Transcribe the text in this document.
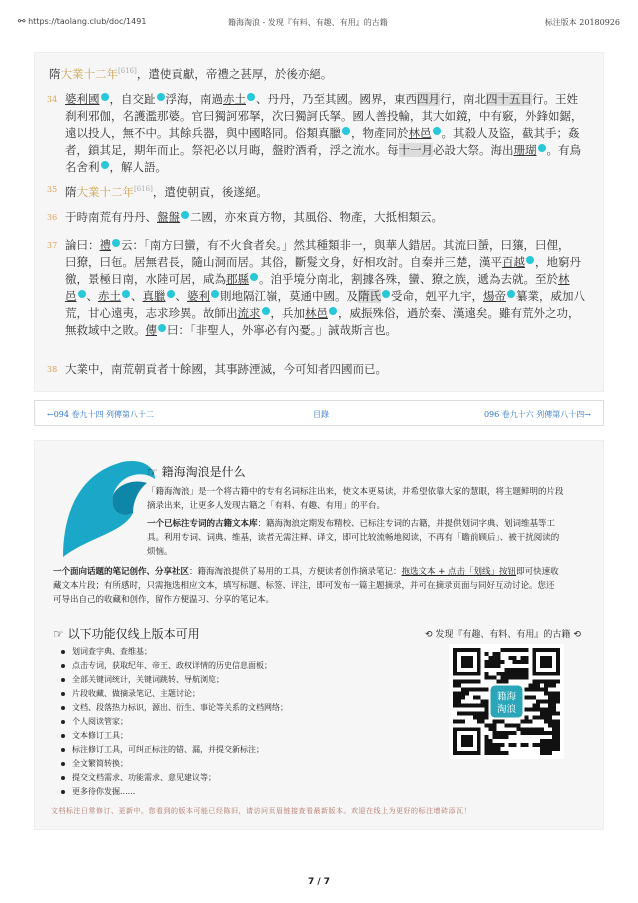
⚯ https://taolang.club/doc/1491	籍海淘浪 - 发现『有料、有趣、有用』的古籍	标注版本 20180926
隋大業十二年[616]，遣使貢獻，帝禮之甚厚，於後亦絕。
34 婆利國 ，自交趾 浮海，南過赤土 、丹丹，乃至其國。國界，東西四月行，南北四十五日行。王姓
刹利邪伽，名護濫那婆。官曰獨訶邪拏，次曰獨訶氏拏。國人善投輪，其大如鏡，中有竅，外鋒如鋸，
遠以投人，無不中。其餘兵器，與中國略同。俗類真臘 ，物產同於林邑 。其殺人及盜，截其手；姦
者，鎖其足，期年而止。祭祀必以月晦，盤貯酒肴，浮之流水。每十一月必設大祭。海出珊瑚 。有鳥
名舍利 ，解人語。
35 隋大業十二年[616]，遣使朝貢，後遂絕。
36 于時南荒有丹丹、盤盤 二國，亦來貢方物，其風俗、物產，大抵相類云。
37 論曰：禮 云：「南方曰蠻，有不火食者矣。」然其種類非一，與華人錯居。其流曰蜑，曰獽，曰俚，
曰獠，曰㐌。居無君長，隨山洞而居。其俗，斷髮文身，好相攻討。自秦并三楚，漢平百越 ，地窮丹
徼，景極日南，水陸可居，咸為郡縣 。洎乎境分南北，割據各殊，蠻、獠之族，遞為去就。至於林
邑 、赤土 、真臘 、婆利 則地隔江嶺，莫通中國。及隋氏 受命，剋平九宇，煬帝 纂業，威加八
荒，甘心遠夷，志求珍異。故師出流求 ，兵加林邑 ，威振殊俗，過於秦、漢遠矣。雖有荒外之功，
無救域中之敗。傳 曰：「非聖人，外寧必有內憂。」誠哉斯言也。
38 大業中，南荒朝貢者十餘國，其事跡湮滅，今可知者四國而已。
←094 卷九十四 列傳第八十二	目錄	096 卷九十六 列傳第八十四→
☞ 籍海淘浪是什么
「籍海淘浪」是一个将古籍中的专有名词标注出来，使文本更易读，并希望依靠大家的慧眼，将主题鲜明的片段
摘录出来，让更多人发现古籍之「有料、有趣、有用」的平台。
一个已标注专词的古籍文本库：籍海淘浪定期发布精校、已标注专词的古籍，并提供划词字典、划词维基等工
具。利用专词、词典、维基，读者无需注释、译文，即可比较流畅地阅读，不再有「瞻前顾后」、被干扰阅读的
烦恼。
一个面向话题的笔记创作、分享社区：籍海淘浪提供了易用的工具，方便读者创作摘录笔记：拖选文本 + 点击「划线」按钮即可快速收
藏文本片段；有所感时，只需拖选相应文本，填写标题、标签、评注，即可发布一篇主题摘录，并可在摘录页面与同好互动讨论。您还
可导出自己的收藏和创作，留作方便温习、分享的笔记本。
☞ 以下功能仅线上版本可用
划词查字典、查维基；
点击专词，获取纪年、帝王、政权详情的历史信息面板；
全部关键词统计，关键词跳转、导航浏览；
片段收藏、做摘录笔记、主题讨论；
文档、段落热力标识，源出、衍生、事论等关系的文档网络；
个人阅读管家；
文本修订工具；
标注修订工具，可纠正标注的错、漏，并提交新标注；
全文繁简转换；
提交文档需求、功能需求、意见建议等；
更多待你发掘......
⟲ 发现『有趣、有料、有用』的古籍 ⟲
籍海
淘浪
文档标注日常修订、更新中。您看到的版本可能已经陈旧，请访问页眉链接查看最新版本。欢迎在线上为更好的标注增砖添瓦！
7 / 7
